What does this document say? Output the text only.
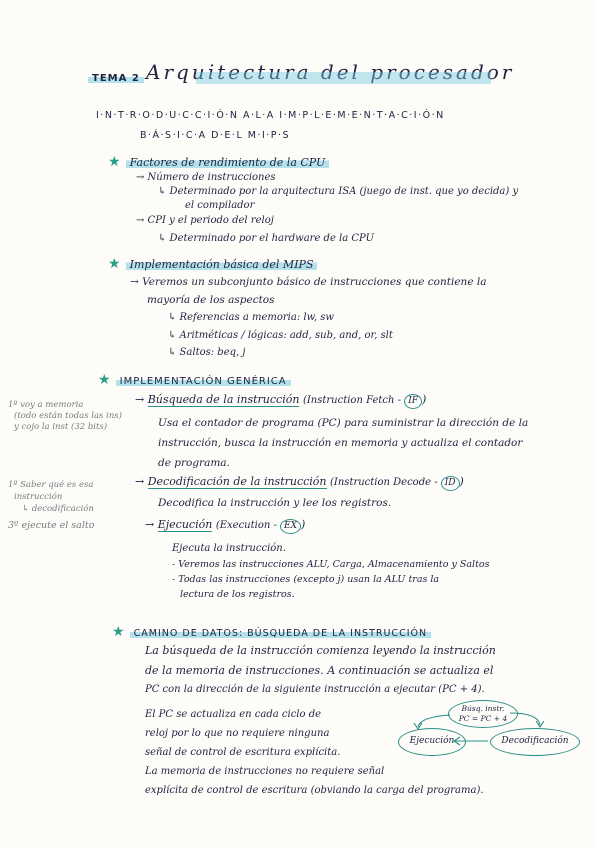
TEMA 2 Arquitectura del procesador
I·N·T·R·O·D·U·C·C·I·Ó·N A·L·A I·M·P·L·E·M·E·N·T·A·C·I·Ó·N
B·Á·S·I·C·A D·E·L M·I·P·S
★ Factores de rendimiento de la CPU
→ Número de instrucciones
↳ Determinado por la arquitectura ISA (juego de inst. que yo decida) y
el compilador
→ CPI y el periodo del reloj
↳ Determinado por el hardware de la CPU
★ Implementación básica del MIPS
→ Veremos un subconjunto básico de instrucciones que contiene la
mayoría de los aspectos
↳ Referencias a memoria: lw, sw
↳ Aritméticas / lógicas: add, sub, and, or, slt
↳ Saltos: beq, j
★ IMPLEMENTACIÓN GENÉRICA
1º voy a memoria
(todo están todas las ins)
y cojo la inst (32 bits)
1º Saber qué es esa
instrucción
↳ decodificación
3º ejecute el salto
→ Búsqueda de la instrucción (Instruction Fetch - IF )
Usa el contador de programa (PC) para suministrar la dirección de la
instrucción, busca la instrucción en memoria y actualiza el contador
de programa.
→ Decodificación de la instrucción (Instruction Decode - ID )
Decodifica la instrucción y lee los registros.
→ Ejecución (Execution - EX )
Ejecuta la instrucción.
- Veremos las instrucciones ALU, Carga, Almacenamiento y Saltos
- Todas las instrucciones (excepto j) usan la ALU tras la
lectura de los registros.
★ CAMINO DE DATOS: BÚSQUEDA DE LA INSTRUCCIÓN
La búsqueda de la instrucción comienza leyendo la instrucción
de la memoria de instrucciones. A continuación se actualiza el
PC con la dirección de la siguiente instrucción a ejecutar (PC + 4).
El PC se actualiza en cada ciclo de
reloj por lo que no requiere ninguna
señal de control de escritura explícita.
La memoria de instrucciones no requiere señal
explícita de control de escritura (obviando la carga del programa).
Búsq. instr.
PC = PC + 4
Ejecución	Decodificación
